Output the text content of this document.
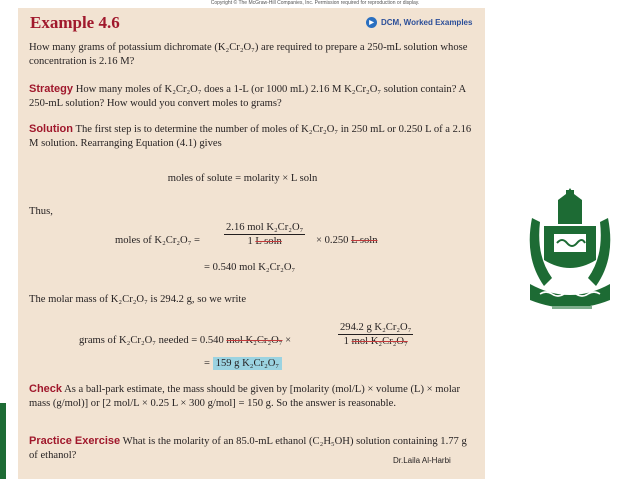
Copyright © The McGraw-Hill Companies, Inc. Permission required for reproduction or display.
Example 4.6	▶ DCM, Worked Examples
How many grams of potassium dichromate (K₂Cr₂O₇) are required to prepare a 250-mL solution whose concentration is 2.16 M?
Strategy How many moles of K₂Cr₂O₇ does a 1-L (or 1000 mL) 2.16 M K₂Cr₂O₇ solution contain? A 250-mL solution? How would you convert moles to grams?
Solution The first step is to determine the number of moles of K₂Cr₂O₇ in 250 mL or 0.250 L of a 2.16 M solution. Rearranging Equation (4.1) gives
moles of solute = molarity × L soln
Thus,
moles of $K_2Cr_2O_7 = \frac{\text{2.16 mol K₂Cr₂O₇}}{\text{1 L soln}} \times 0.250$ L soln
= 0.540 mol K₂Cr₂O₇
The molar mass of K₂Cr₂O₇ is 294.2 g, so we write
grams of K₂Cr₂O₇ needed = 0.540 mol K₂Cr₂O₇ ×	$\frac{\text{294.2 g K₂Cr₂O₇}}{\text{1 mol K₂Cr₂O₇}}$
= 159 g K₂Cr₂O₇
Check As a ball-park estimate, the mass should be given by [molarity (mol/L) × volume (L) × molar mass (g/mol)] or [2 mol/L × 0.25 L × 300 g/mol] = 150 g. So the answer is reasonable.
Practice Exercise What is the molarity of an 85.0-mL ethanol (C₂H₅OH) solution containing 1.77 g of ethanol?	Dr.Laila Al-Harbi
